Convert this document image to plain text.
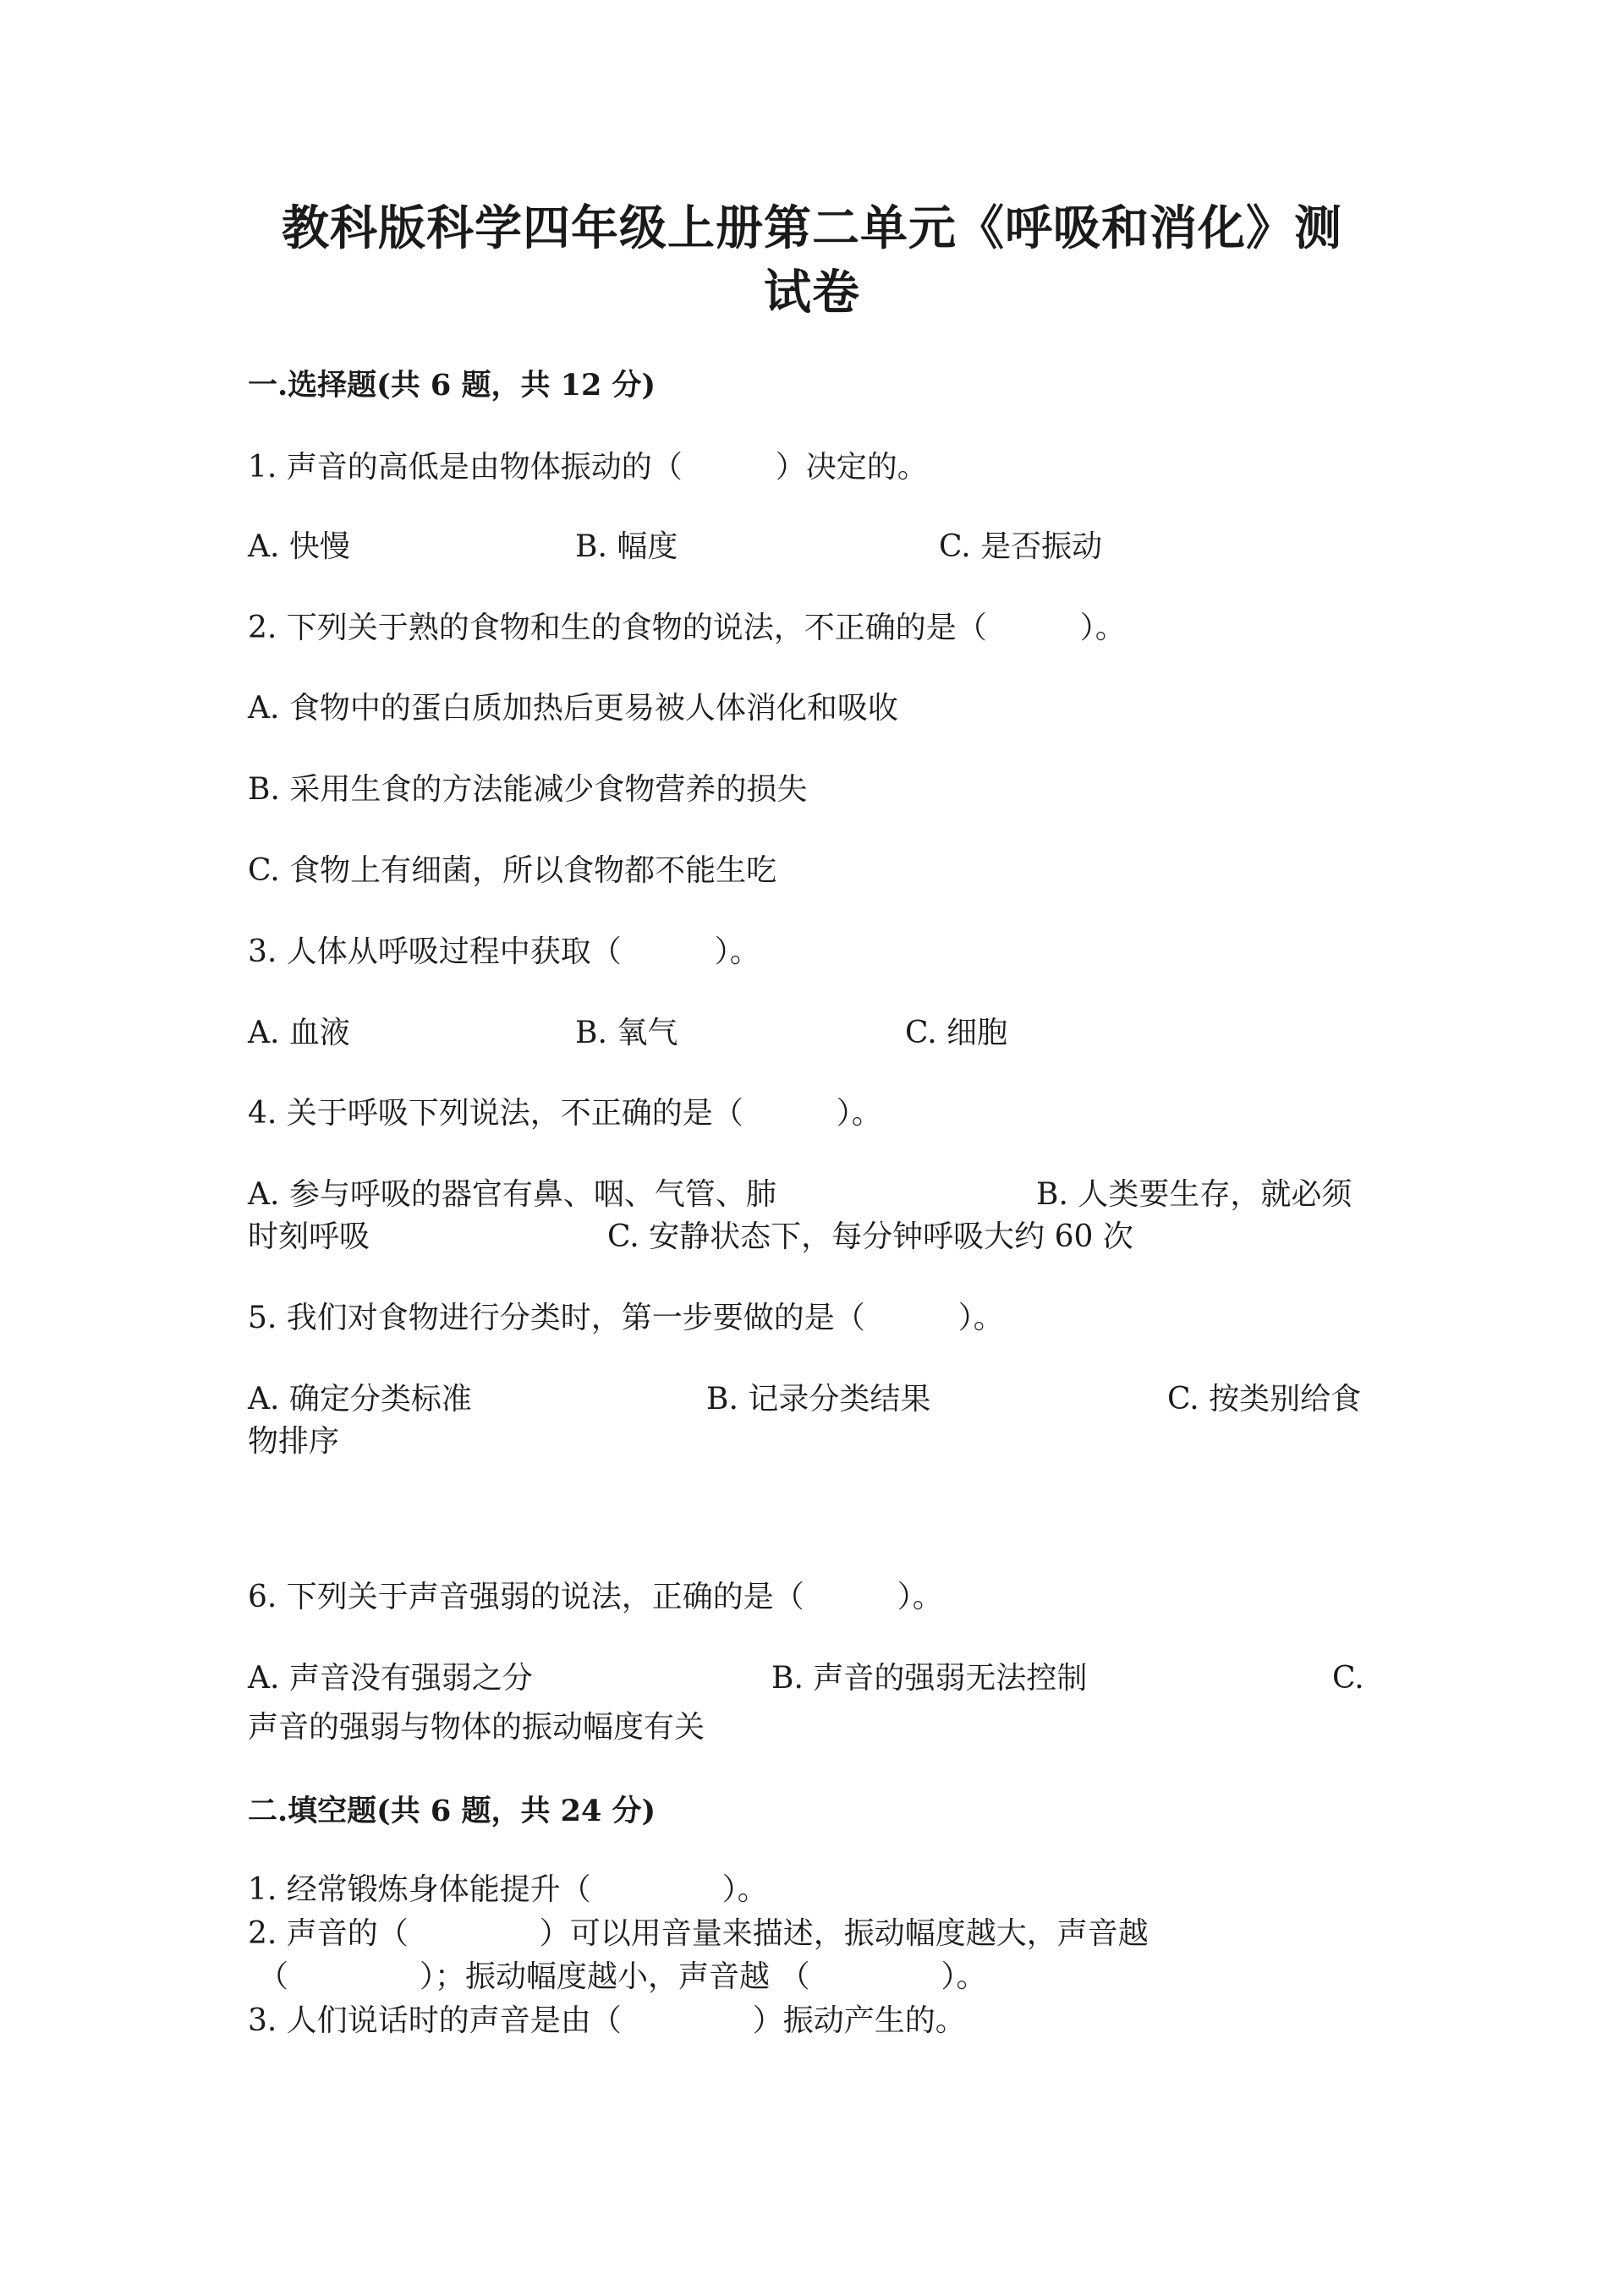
教科版科学四年级上册第二单元《呼吸和消化》测
试卷
一.选择题(共 6 题，共 12 分)
1. 声音的高低是由物体振动的（	）决定的。
A. 快慢	B. 幅度	C. 是否振动
2. 下列关于熟的食物和生的食物的说法，不正确的是（	）。
A. 食物中的蛋白质加热后更易被人体消化和吸收
B. 采用生食的方法能减少食物营养的损失
C. 食物上有细菌，所以食物都不能生吃
3. 人体从呼吸过程中获取（	）。
A. 血液	B. 氧气	C. 细胞
4. 关于呼吸下列说法，不正确的是（	）。
A. 参与呼吸的器官有鼻、咽、气管、肺	B. 人类要生存，就必须
时刻呼吸	C. 安静状态下，每分钟呼吸大约 60 次
5. 我们对食物进行分类时，第一步要做的是（	）。
A. 确定分类标准	B. 记录分类结果	C. 按类别给食
物排序
6. 下列关于声音强弱的说法，正确的是（	）。
A. 声音没有强弱之分	B. 声音的强弱无法控制	C.
声音的强弱与物体的振动幅度有关
二.填空题(共 6 题，共 24 分)
1. 经常锻炼身体能提升（	）。
2. 声音的（	）可以用音量来描述，振动幅度越大，声音越
（	）；振动幅度越小，声音越 （	）。
3. 人们说话时的声音是由（	）振动产生的。
